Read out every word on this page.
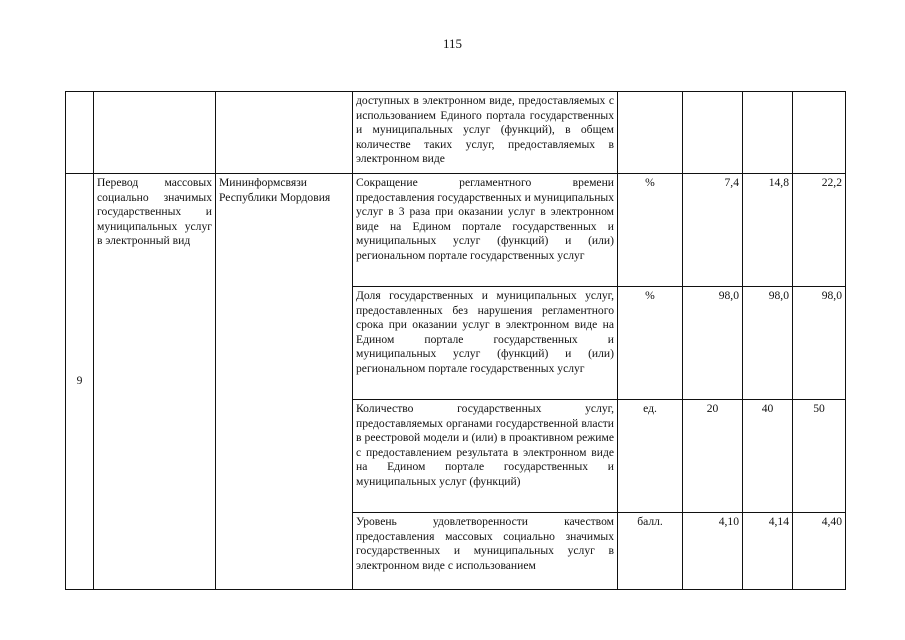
115
			доступных в электронном виде, предоставляемых с использованием Единого портала государственных и муниципальных услуг (функций), в общем количестве таких услуг, предоставляемых в электронном виде				
9	Перевод массовых социально значимых государственных и муниципальных услуг в электронный вид	Мининформсвязи Республики Мордовия	Сокращение регламентного времени предоставления государственных и муниципальных услуг в 3 раза при оказании услуг в электронном виде на Едином портале государственных и муниципальных услуг (функций) и (или) региональном портале государственных услуг	%	7,4	14,8	22,2
			Доля государственных и муниципальных услуг, предоставленных без нарушения регламентного срока при оказании услуг в электронном виде на Едином портале государственных и муниципальных услуг (функций) и (или) региональном портале государственных услуг	%	98,0	98,0	98,0
			Количество государственных услуг, предоставляемых органами государственной власти в реестровой модели и (или) в проактивном режиме с предоставлением результата в электронном виде на Едином портале государственных и муниципальных услуг (функций)	ед.	20	40	50

			Уровень удовлетворенности качеством предоставления массовых социально значимых государственных и муниципальных услуг в электронном виде с использованием	балл.	4,10	4,14	4,40
